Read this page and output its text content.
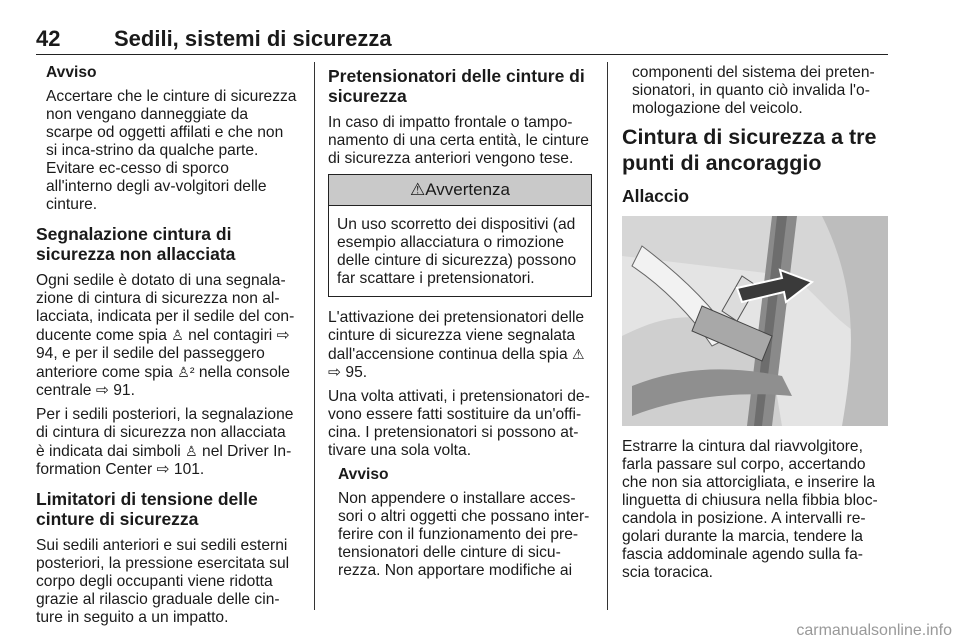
42 Sedili, sistemi di sicurezza

Avviso

Accertare che le cinture di sicurezza non vengano danneggiate da scarpe od oggetti affilati e che non si inca-strino da qualche parte. Evitare ec-cesso di sporco all'interno degli av-volgitori delle cinture.

Segnalazione cintura di sicurezza non allacciata

Ogni sedile è dotato di una segnala-zione di cintura di sicurezza non al-lacciata, indicata per il sedile del con-ducente come spia ♙ nel contagiri ⇨ 94, e per il sedile del passeggero anteriore come spia ♙² nella console centrale ⇨ 91.

Per i sedili posteriori, la segnalazione di cintura di sicurezza non allacciata è indicata dai simboli ♙ nel Driver In-formation Center ⇨ 101.

Limitatori di tensione delle cinture di sicurezza

Sui sedili anteriori e sui sedili esterni posteriori, la pressione esercitata sul corpo degli occupanti viene ridotta grazie al rilascio graduale delle cin-ture in seguito a un impatto.

Pretensionatori delle cinture di sicurezza

In caso di impatto frontale o tampo-namento di una certa entità, le cinture di sicurezza anteriori vengono tese.

⚠Avvertenza
Un uso scorretto dei dispositivi (ad esempio allacciatura o rimozione delle cinture di sicurezza) possono far scattare i pretensionatori.

L'attivazione dei pretensionatori delle cinture di sicurezza viene segnalata dall'accensione continua della spia ⚠ ⇨ 95.

Una volta attivati, i pretensionatori de-vono essere fatti sostituire da un'offi-cina. I pretensionatori si possono at-tivare una sola volta.

Avviso

Non appendere o installare acces-sori o altri oggetti che possano inter-ferire con il funzionamento dei pre-tensionatori delle cinture di sicu-rezza. Non apportare modifiche ai

componenti del sistema dei preten-sionatori, in quanto ciò invalida l'o-mologazione del veicolo.

Cintura di sicurezza a tre punti di ancoraggio
Allaccio

Estrarre la cintura dal riavvolgitore, farla passare sul corpo, accertando che non sia attorcigliata, e inserire la linguetta di chiusura nella fibbia bloc-candola in posizione. A intervalli re-golari durante la marcia, tendere la fascia addominale agendo sulla fa-scia toracica.

carmanualsonline.info
